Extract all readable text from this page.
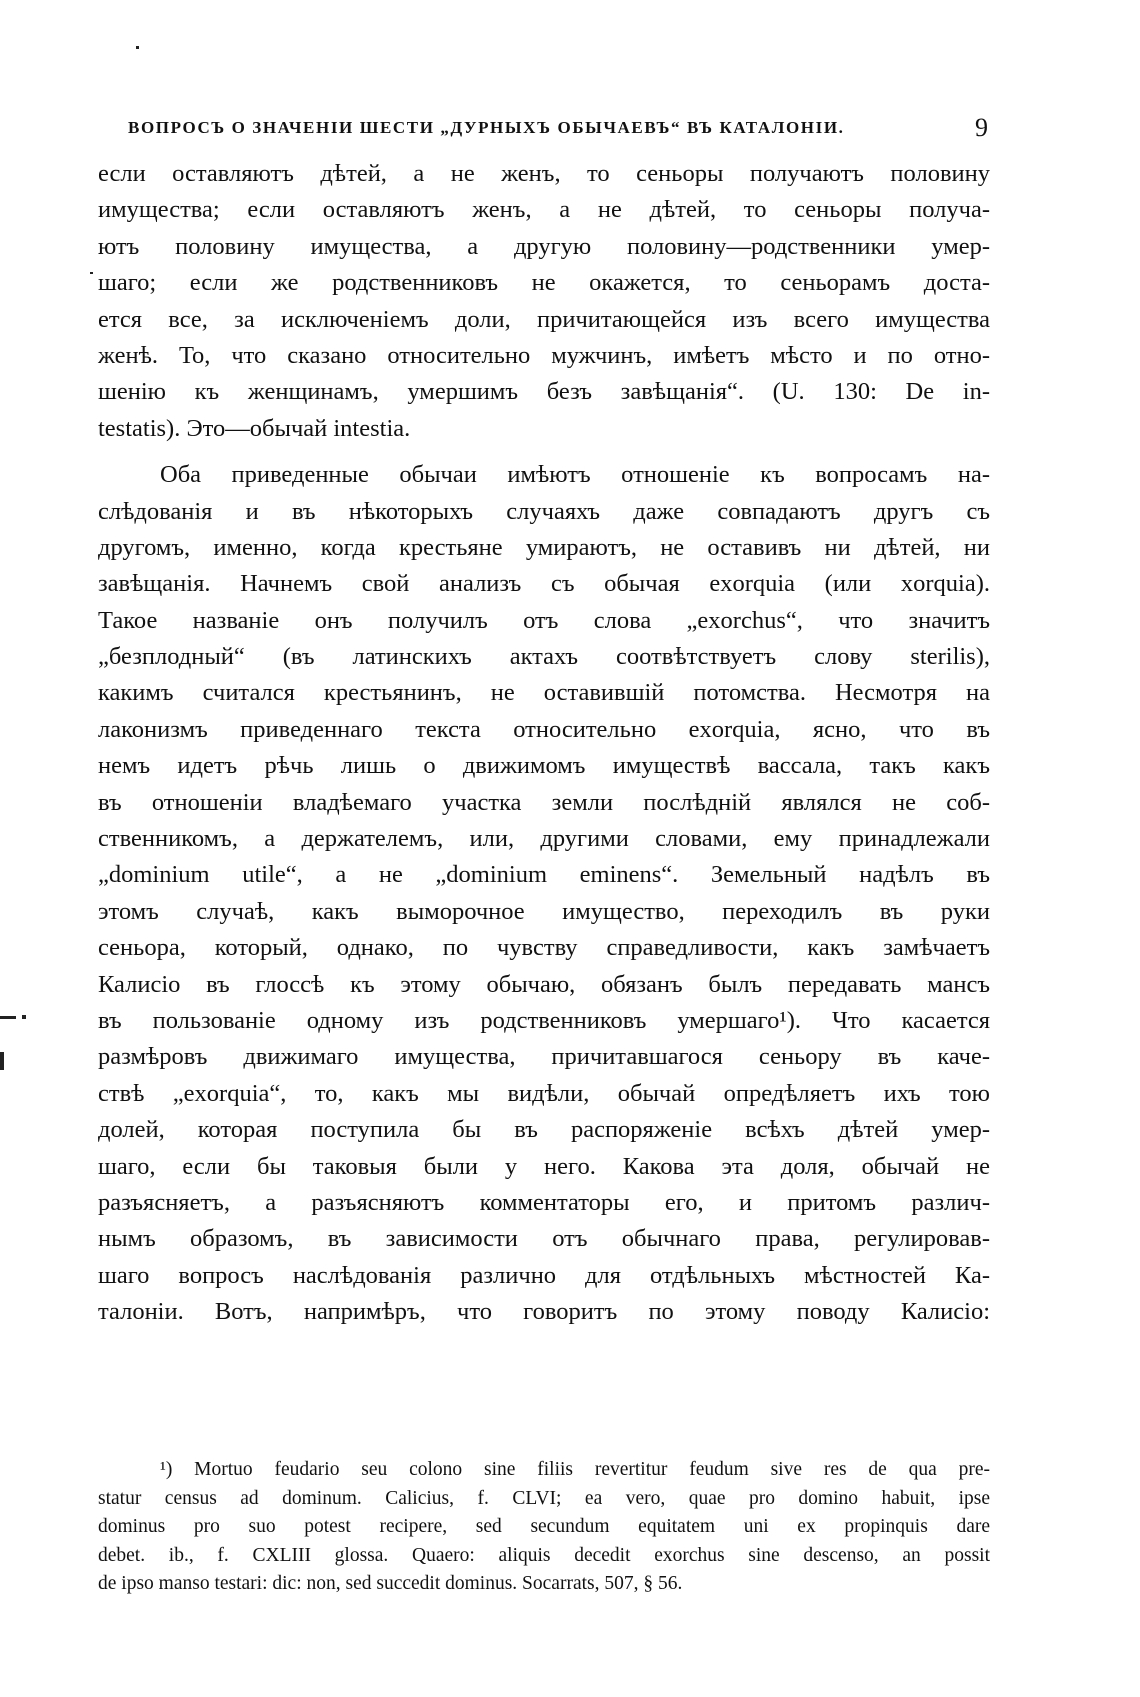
ВОПРОСЪ О ЗНАЧЕНІИ ШЕСТИ „ДУРНЫХЪ ОБЫЧАЕВЪ“ ВЪ КАТАЛОНІИ.	9
если оставляютъ дѣтей, а не женъ, то сеньоры получаютъ половину
имущества; если оставляютъ женъ, а не дѣтей, то сеньоры получа-
ютъ половину имущества, а другую половину—родственники умер-
шаго; если же родственниковъ не окажется, то сеньорамъ доста-
ется все, за исключеніемъ доли, причитающейся изъ всего имущества
женѣ. То, что сказано относительно мужчинъ, имѣетъ мѣсто и по отно-
шенію къ женщинамъ, умершимъ безъ завѣщанія“. (U. 130: De in-
testatis). Это—обычай intestia.
Оба приведенные обычаи имѣютъ отношеніе къ вопросамъ на-
слѣдованія и въ нѣкоторыхъ случаяхъ даже совпадаютъ другъ съ
другомъ, именно, когда крестьяне умираютъ, не оставивъ ни дѣтей, ни
завѣщанія. Начнемъ свой анализъ съ обычая exorquia (или xorquia).
Такое названіе онъ получилъ отъ слова „exorchus“, что значитъ
„безплодный“ (въ латинскихъ актахъ соотвѣтствуетъ слову sterilis),
какимъ считался крестьянинъ, не оставившій потомства. Несмотря на
лаконизмъ приведеннаго текста относительно exorquia, ясно, что въ
немъ идетъ рѣчь лишь о движимомъ имуществѣ вассала, такъ какъ
въ отношеніи владѣемаго участка земли послѣдній являлся не соб-
ственникомъ, а держателемъ, или, другими словами, ему принадлежали
„dominium utile“, а не „dominium eminens“. Земельный надѣлъ въ
этомъ случаѣ, какъ выморочное имущество, переходилъ въ руки
сеньора, который, однако, по чувству справедливости, какъ замѣчаетъ
Калисіо въ глоссѣ къ этому обычаю, обязанъ былъ передавать мансъ
въ пользованіе одному изъ родственниковъ умершаго¹). Что касается
размѣровъ движимаго имущества, причитавшагося сеньору въ каче-
ствѣ „exorquia“, то, какъ мы видѣли, обычай опредѣляетъ ихъ тою
долей, которая поступила бы въ распоряженіе всѣхъ дѣтей умер-
шаго, если бы таковыя были у него. Какова эта доля, обычай не
разъясняетъ, а разъясняютъ комментаторы его, и притомъ различ-
нымъ образомъ, въ зависимости отъ обычнаго права, регулировав-
шаго вопросъ наслѣдованія различно для отдѣльныхъ мѣстностей Ка-
талоніи. Вотъ, напримѣръ, что говоритъ по этому поводу Калисіо:
¹) Mortuo feudario seu colono sine filiis revertitur feudum sive res de qua pre-
statur census ad dominum. Calicius, f. CLVI; ea vero, quae pro domino habuit, ipse
dominus pro suo potest recipere, sed secundum equitatem uni ex propinquis dare
debet. ib., f. CXLIII glossa. Quaero: aliquis decedit exorchus sine descenso, an possit
de ipso manso testari: dic: non, sed succedit dominus. Socarrats, 507, § 56.
